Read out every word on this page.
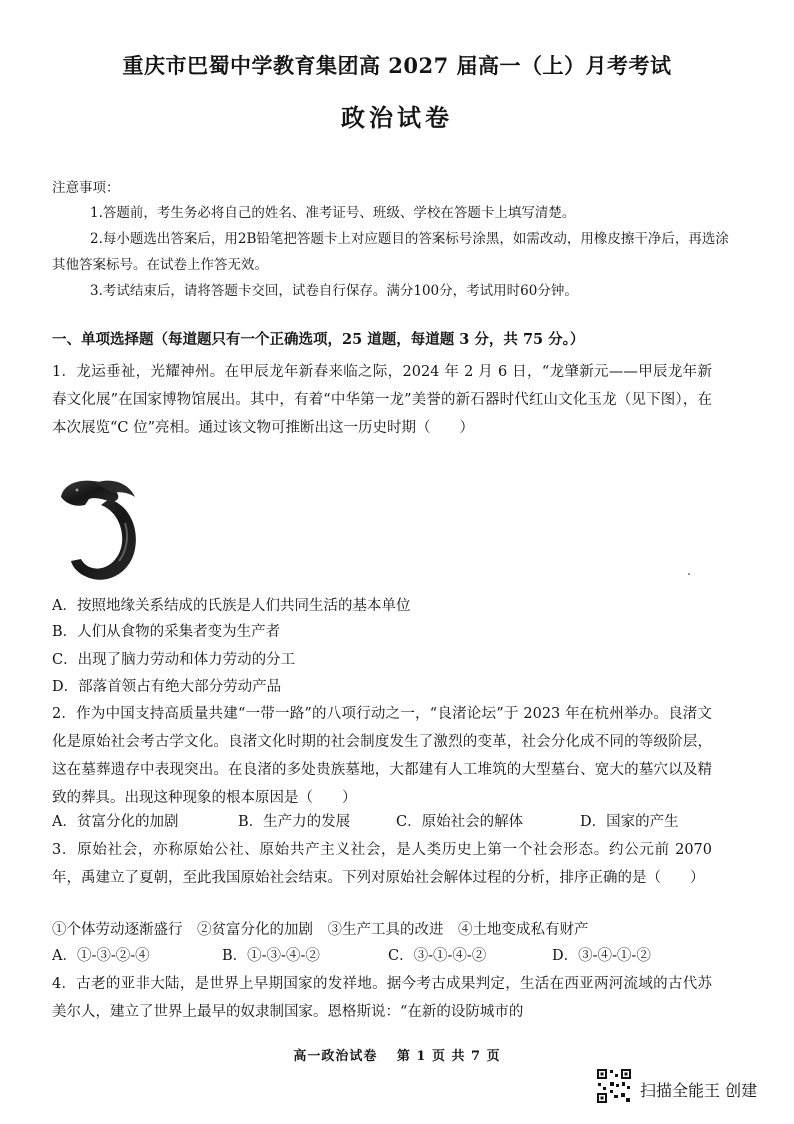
重庆市巴蜀中学教育集团高 2027 届高一（上）月考考试
政治试卷
注意事项：
1.答题前，考生务必将自己的姓名、准考证号、班级、学校在答题卡上填写清楚。
2.每小题选出答案后，用2B铅笔把答题卡上对应题目的答案标号涂黑，如需改动，用橡皮擦干净后，再选涂其他答案标号。在试卷上作答无效。
3.考试结束后，请将答题卡交回，试卷自行保存。满分100分，考试用时60分钟。
一、单项选择题（每道题只有一个正确选项，25 道题，每道题 3 分，共 75 分。）
1．龙运垂祉，光耀神州。在甲辰龙年新春来临之际，2024 年 2 月 6 日，“龙肇新元——甲辰龙年新春文化展”在国家博物馆展出。其中，有着“中华第一龙”美誉的新石器时代红山文化玉龙（见下图），在本次展览“C 位”亮相。通过该文物可推断出这一历史时期（　　）
A．按照地缘关系结成的氏族是人们共同生活的基本单位
B．人们从食物的采集者变为生产者
C．出现了脑力劳动和体力劳动的分工
D．部落首领占有绝大部分劳动产品
2．作为中国支持高质量共建“一带一路”的八项行动之一，“良渚论坛”于 2023 年在杭州举办。良渚文化是原始社会考古学文化。良渚文化时期的社会制度发生了激烈的变革，社会分化成不同的等级阶层，这在墓葬遗存中表现突出。在良渚的多处贵族墓地，大都建有人工堆筑的大型墓台、宽大的墓穴以及精致的葬具。出现这种现象的根本原因是（　　）
A．贫富分化的加剧	B．生产力的发展	C．原始社会的解体	D．国家的产生
3．原始社会，亦称原始公社、原始共产主义社会，是人类历史上第一个社会形态。约公元前 2070 年，禹建立了夏朝，至此我国原始社会结束。下列对原始社会解体过程的分析，排序正确的是（　　）
①个体劳动逐渐盛行　②贫富分化的加剧　③生产工具的改进　④土地变成私有财产
A．①-③-②-④	B．①-③-④-②	C．③-①-④-②	D．③-④-①-②
4．古老的亚非大陆，是世界上早期国家的发祥地。据今考古成果判定，生活在西亚两河流域的古代苏美尔人，建立了世界上最早的奴隶制国家。恩格斯说：“在新的设防城市的
高一政治试卷　 第 1 页 共 7 页
扫描全能王 创建
